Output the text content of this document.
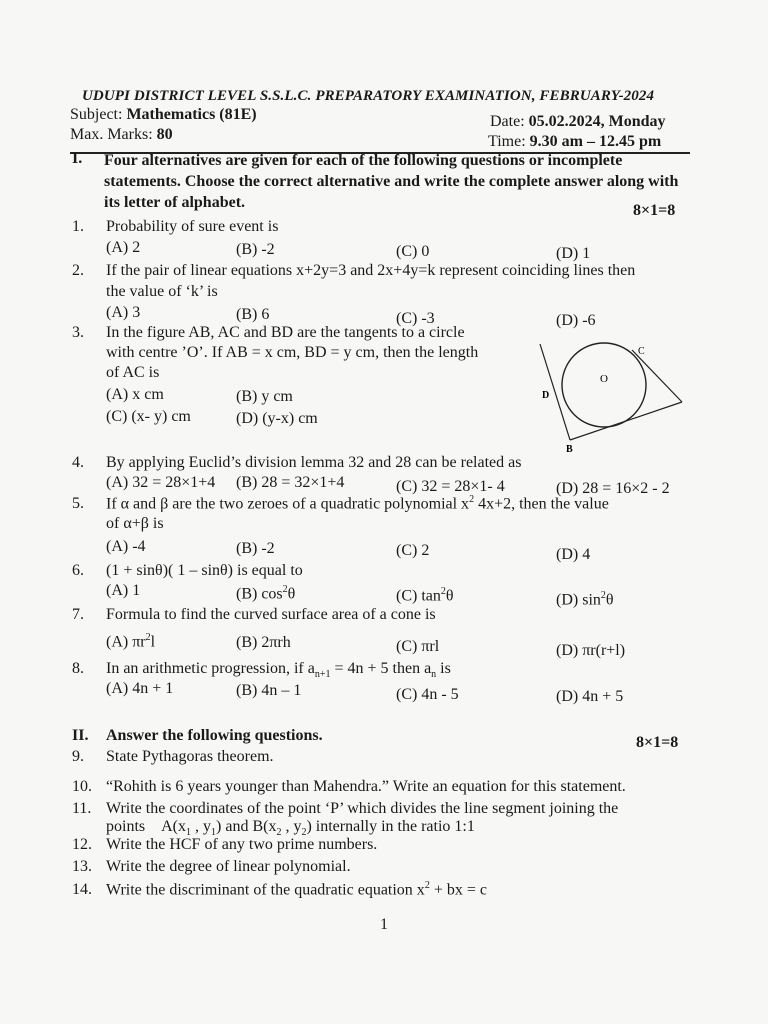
UDUPI DISTRICT LEVEL S.S.L.C. PREPARATORY EXAMINATION, FEBRUARY-2024
Subject: Mathematics (81E)
Max. Marks: 80
Date: 05.02.2024, Monday
Time: 9.30 am – 12.45 pm
I. Four alternatives are given for each of the following questions or incomplete statements. Choose the correct alternative and write the complete answer along with its letter of alphabet.	8×1=8
1. Probability of sure event is
(A) 2	(B) -2	(C) 0	(D) 1
2. If the pair of linear equations x+2y=3 and 2x+4y=k represent coinciding lines then
the value of ‘k’ is
(A) 3	(B) 6	(C) -3	(D) -6
3. In the figure AB, AC and BD are the tangents to a circle
with centre ’O’. If AB = x cm, BD = y cm, then the length
of AC is
(A) x cm	(B) y cm
(C) (x- y) cm	(D) (y-x) cm
C
O
D
B
4. By applying Euclid’s division lemma 32 and 28 can be related as
(A) 32 = 28×1+4 (B) 28 = 32×1+4	(C) 32 = 28×1- 4	(D) 28 = 16×2 - 2
5. If α and β are the two zeroes of a quadratic polynomial $x^2$ 4x+2, then the value
of α+β is
(A) -4	(B) -2	(C) 2	(D) 4
6. (1 + sinθ)( 1 – sinθ) is equal to
(A) 1	(B) $\cos^2\theta$	(C) $\tan^2\theta$	(D) $\sin^2\theta$
7. Formula to find the curved surface area of a cone is
(A) $\pi r^2l$	(B) 2πrh	(C) πrl	(D) πr(r+l)
8. In an arithmetic progression, if $a_{n+1} = 4n + 5$ then $a_n$ is
(A) 4n + 1	(B) 4n – 1	(C) 4n - 5	(D) 4n + 5
II. Answer the following questions.	8×1=8
9. State Pythagoras theorem.
10. “Rohith is 6 years younger than Mahendra.” Write an equation for this statement.
11. Write the coordinates of the point ‘P’ which divides the line segment joining the
points    $A(x_1$ , $y_1$) and $B(x_2$ , $y_2$) internally in the ratio 1:1
12. Write the HCF of any two prime numbers.
13. Write the degree of linear polynomial.
14. Write the discriminant of the quadratic equation $x^2$ + bx = c
1
